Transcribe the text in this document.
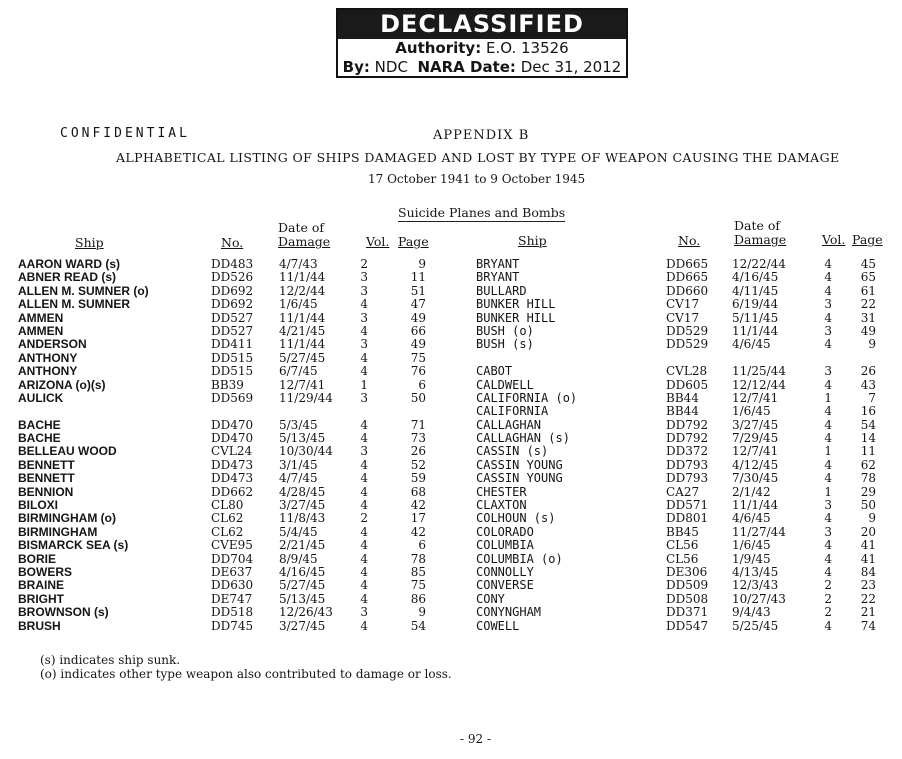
DECLASSIFIED
Authority: E.O. 13526
By: NDC NARA Date: Dec 31, 2012
CONFIDENTIAL	APPENDIX B
ALPHABETICAL LISTING OF SHIPS DAMAGED AND LOST BY TYPE OF WEAPON CAUSING THE DAMAGE
17 October 1941 to 9 October 1945
Suicide Planes and Bombs
Ship	No.
Date of
Damage	Vol. Page	Ship	No.
Date of
Damage	Vol. Page
AARON WARD (s)	DD483 4/7/43	2	9
ABNER READ (s)	DD526 11/1/44	3	11
ALLEN M. SUMNER (o)	DD692 12/2/44	3	51
ALLEN M. SUMNER	DD692 1/6/45	4	47
AMMEN	DD527 11/1/44	3	49
AMMEN	DD527 4/21/45	4	66
ANDERSON	DD411 11/1/44	3	49
ANTHONY	DD515 5/27/45	4	75
ANTHONY	DD515 6/7/45	4	76
ARIZONA (o)(s)	BB39	12/7/41	1	6
AULICK	DD569 11/29/44 3	50
BACHE	DD470 5/3/45	4	71
BACHE	DD470 5/13/45	4	73
BELLEAU WOOD	CVL24 10/30/44 3	26
BENNETT	DD473 3/1/45	4	52
BENNETT	DD473 4/7/45	4	59
BENNION	DD662 4/28/45	4	68
BILOXI	CL80	3/27/45	4	42
BIRMINGHAM (o)	CL62	11/8/43	2	17
BIRMINGHAM	CL62	5/4/45	4	42
BISMARCK SEA (s)	CVE95 2/21/45	4	6
BORIE	DD704 8/9/45	4	78
BOWERS	DE637 4/16/45	4	85
BRAINE	DD630 5/27/45	4	75
BRIGHT	DE747 5/13/45	4	86
BROWNSON (s)	DD518 12/26/43 3	9
BRUSH	DD745 3/27/45	4	54
BRYANT	DD665 12/22/44	4	45
BRYANT	DD665 4/16/45	4	65
BULLARD	DD660 4/11/45	4	61
BUNKER HILL	CV17	6/19/44	3	22
BUNKER HILL	CV17	5/11/45	4	31
BUSH (o)	DD529 11/1/44	3	49
BUSH (s)	DD529 4/6/45	4	9
CABOT	CVL28 11/25/44	3	26
CALDWELL	DD605 12/12/44	4	43
CALIFORNIA (o)	BB44	12/7/41	1	7
CALIFORNIA	BB44	1/6/45	4	16
CALLAGHAN	DD792 3/27/45	4	54
CALLAGHAN (s)	DD792 7/29/45	4	14
CASSIN (s)	DD372 12/7/41	1	11
CASSIN YOUNG	DD793 4/12/45	4	62
CASSIN YOUNG	DD793 7/30/45	4	78
CHESTER	CA27	2/1/42	1	29
CLAXTON	DD571 11/1/44	3	50
COLHOUN (s)	DD801 4/6/45	4	9
COLORADO	BB45	11/27/44	3	20
COLUMBIA	CL56	1/6/45	4	41
COLUMBIA (o)	CL56	1/9/45	4	41
CONNOLLY	DE306 4/13/45	4	84
CONVERSE	DD509 12/3/43	2	23
CONY	DD508 10/27/43	2	22
CONYNGHAM	DD371 9/4/43	2	21
COWELL	DD547 5/25/45	4	74
(s) indicates ship sunk.
(o) indicates other type weapon also contributed to damage or loss.
- 92 -
